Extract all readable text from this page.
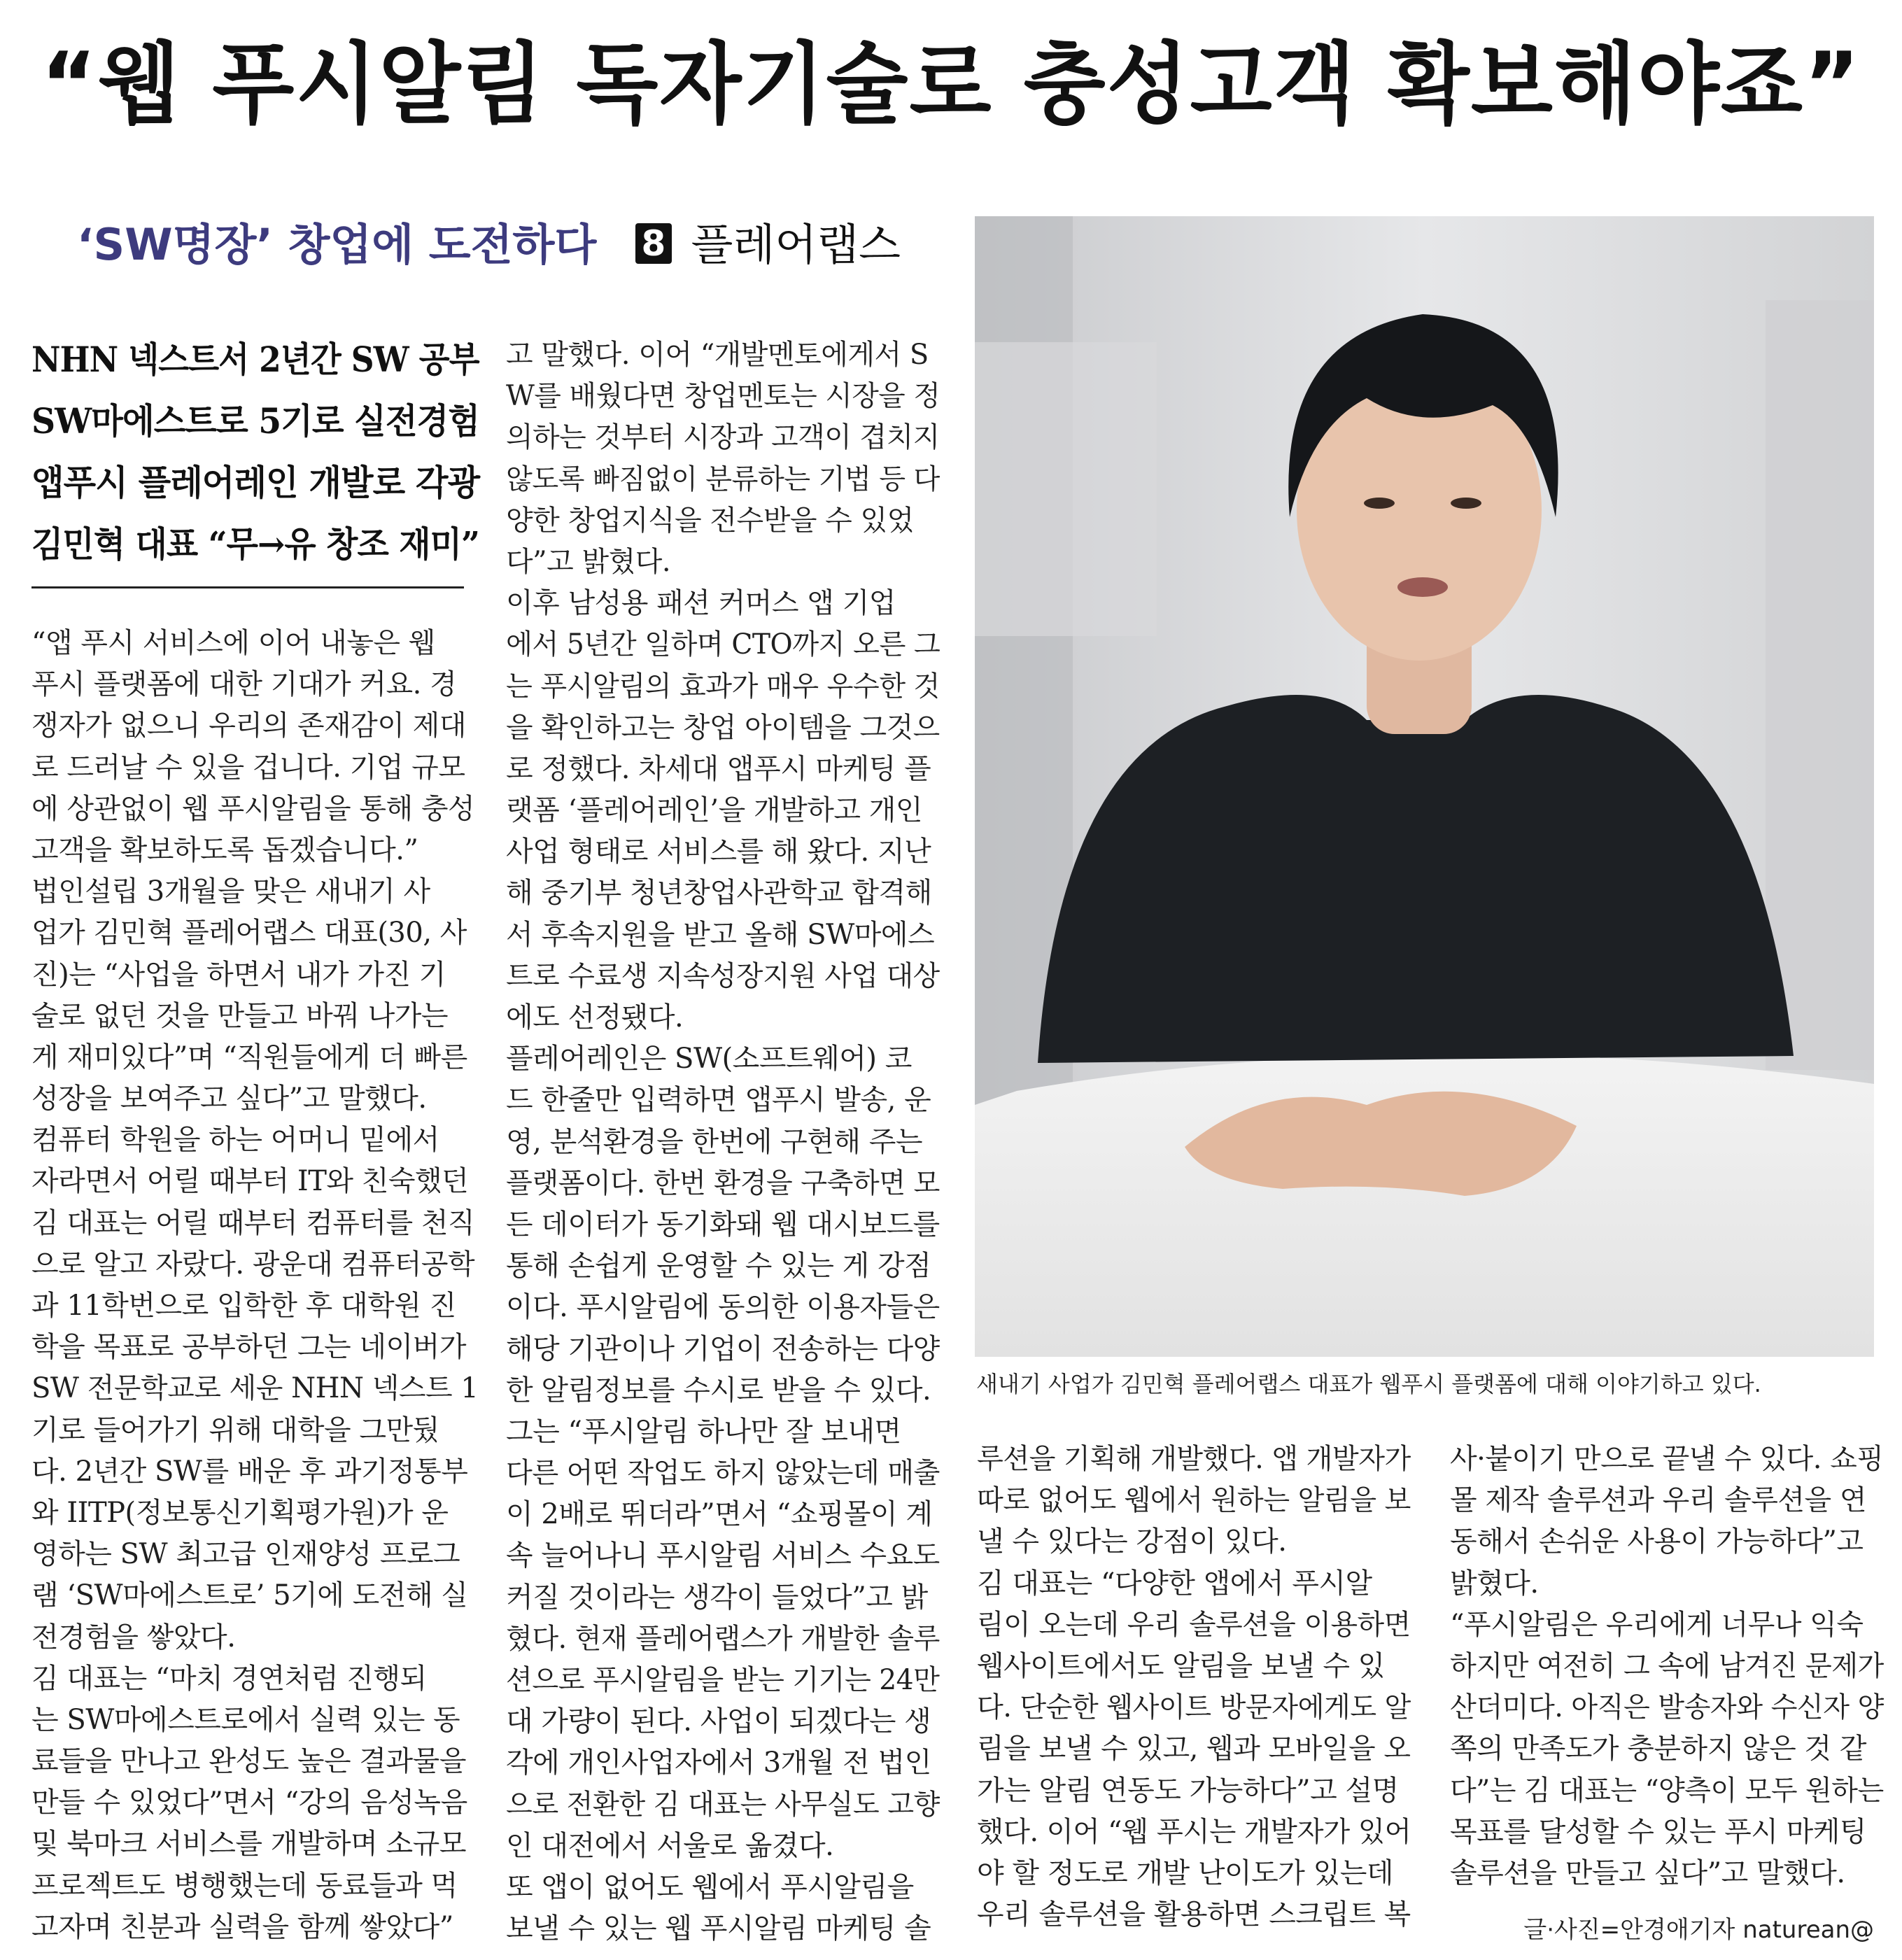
“웹 푸시알림 독자기술로 충성고객 확보해야죠”
‘SW명장’ 창업에 도전하다 8 플레어랩스
NHN 넥스트서 2년간 SW 공부
SW마에스트로 5기로 실전경험
앱푸시 플레어레인 개발로 각광
김민혁 대표 “무→유 창조 재미”
“앱 푸시 서비스에 이어 내놓은 웹
푸시 플랫폼에 대한 기대가 커요. 경
쟁자가 없으니 우리의 존재감이 제대
로 드러날 수 있을 겁니다. 기업 규모
에 상관없이 웹 푸시알림을 통해 충성
고객을 확보하도록 돕겠습니다.”
법인설립 3개월을 맞은 새내기 사
업가 김민혁 플레어랩스 대표(30, 사
진)는 “사업을 하면서 내가 가진 기
술로 없던 것을 만들고 바꿔 나가는
게 재미있다”며 “직원들에게 더 빠른
성장을 보여주고 싶다”고 말했다.
컴퓨터 학원을 하는 어머니 밑에서
자라면서 어릴 때부터 IT와 친숙했던
김 대표는 어릴 때부터 컴퓨터를 천직
으로 알고 자랐다. 광운대 컴퓨터공학
과 11학번으로 입학한 후 대학원 진
학을 목표로 공부하던 그는 네이버가
SW 전문학교로 세운 NHN 넥스트 1
기로 들어가기 위해 대학을 그만뒀
다. 2년간 SW를 배운 후 과기정통부
와 IITP(정보통신기획평가원)가 운
영하는 SW 최고급 인재양성 프로그
램 ‘SW마에스트로’ 5기에 도전해 실
전경험을 쌓았다.
김 대표는 “마치 경연처럼 진행되
는 SW마에스트로에서 실력 있는 동
료들을 만나고 완성도 높은 결과물을
만들 수 있었다”면서 “강의 음성녹음
및 북마크 서비스를 개발하며 소규모
프로젝트도 병행했는데 동료들과 먹
고자며 친분과 실력을 함께 쌓았다”
고 말했다. 이어 “개발멘토에게서 S
W를 배웠다면 창업멘토는 시장을 정
의하는 것부터 시장과 고객이 겹치지
않도록 빠짐없이 분류하는 기법 등 다
양한 창업지식을 전수받을 수 있었
다”고 밝혔다.
이후 남성용 패션 커머스 앱 기업
에서 5년간 일하며 CTO까지 오른 그
는 푸시알림의 효과가 매우 우수한 것
을 확인하고는 창업 아이템을 그것으
로 정했다. 차세대 앱푸시 마케팅 플
랫폼 ‘플레어레인’을 개발하고 개인
사업 형태로 서비스를 해 왔다. 지난
해 중기부 청년창업사관학교 합격해
서 후속지원을 받고 올해 SW마에스
트로 수료생 지속성장지원 사업 대상
에도 선정됐다.
플레어레인은 SW(소프트웨어) 코
드 한줄만 입력하면 앱푸시 발송, 운
영, 분석환경을 한번에 구현해 주는
플랫폼이다. 한번 환경을 구축하면 모
든 데이터가 동기화돼 웹 대시보드를
통해 손쉽게 운영할 수 있는 게 강점
이다. 푸시알림에 동의한 이용자들은
해당 기관이나 기업이 전송하는 다양
한 알림정보를 수시로 받을 수 있다.
그는 “푸시알림 하나만 잘 보내면
다른 어떤 작업도 하지 않았는데 매출
이 2배로 뛰더라”면서 “쇼핑몰이 계
속 늘어나니 푸시알림 서비스 수요도
커질 것이라는 생각이 들었다”고 밝
혔다. 현재 플레어랩스가 개발한 솔루
션으로 푸시알림을 받는 기기는 24만
대 가량이 된다. 사업이 되겠다는 생
각에 개인사업자에서 3개월 전 법인
으로 전환한 김 대표는 사무실도 고향
인 대전에서 서울로 옮겼다.
또 앱이 없어도 웹에서 푸시알림을
보낼 수 있는 웹 푸시알림 마케팅 솔
새내기 사업가 김민혁 플레어랩스 대표가 웹푸시 플랫폼에 대해 이야기하고 있다.
루션을 기획해 개발했다. 앱 개발자가
따로 없어도 웹에서 원하는 알림을 보
낼 수 있다는 강점이 있다.
김 대표는 “다양한 앱에서 푸시알
림이 오는데 우리 솔루션을 이용하면
웹사이트에서도 알림을 보낼 수 있
다. 단순한 웹사이트 방문자에게도 알
림을 보낼 수 있고, 웹과 모바일을 오
가는 알림 연동도 가능하다”고 설명
했다. 이어 “웹 푸시는 개발자가 있어
야 할 정도로 개발 난이도가 있는데
우리 솔루션을 활용하면 스크립트 복
사·붙이기 만으로 끝낼 수 있다. 쇼핑
몰 제작 솔루션과 우리 솔루션을 연
동해서 손쉬운 사용이 가능하다”고
밝혔다.
“푸시알림은 우리에게 너무나 익숙
하지만 여전히 그 속에 남겨진 문제가
산더미다. 아직은 발송자와 수신자 양
쪽의 만족도가 충분하지 않은 것 같
다”는 김 대표는 “양측이 모두 원하는
목표를 달성할 수 있는 푸시 마케팅
솔루션을 만들고 싶다”고 말했다.
글·사진=안경애기자 naturean@
